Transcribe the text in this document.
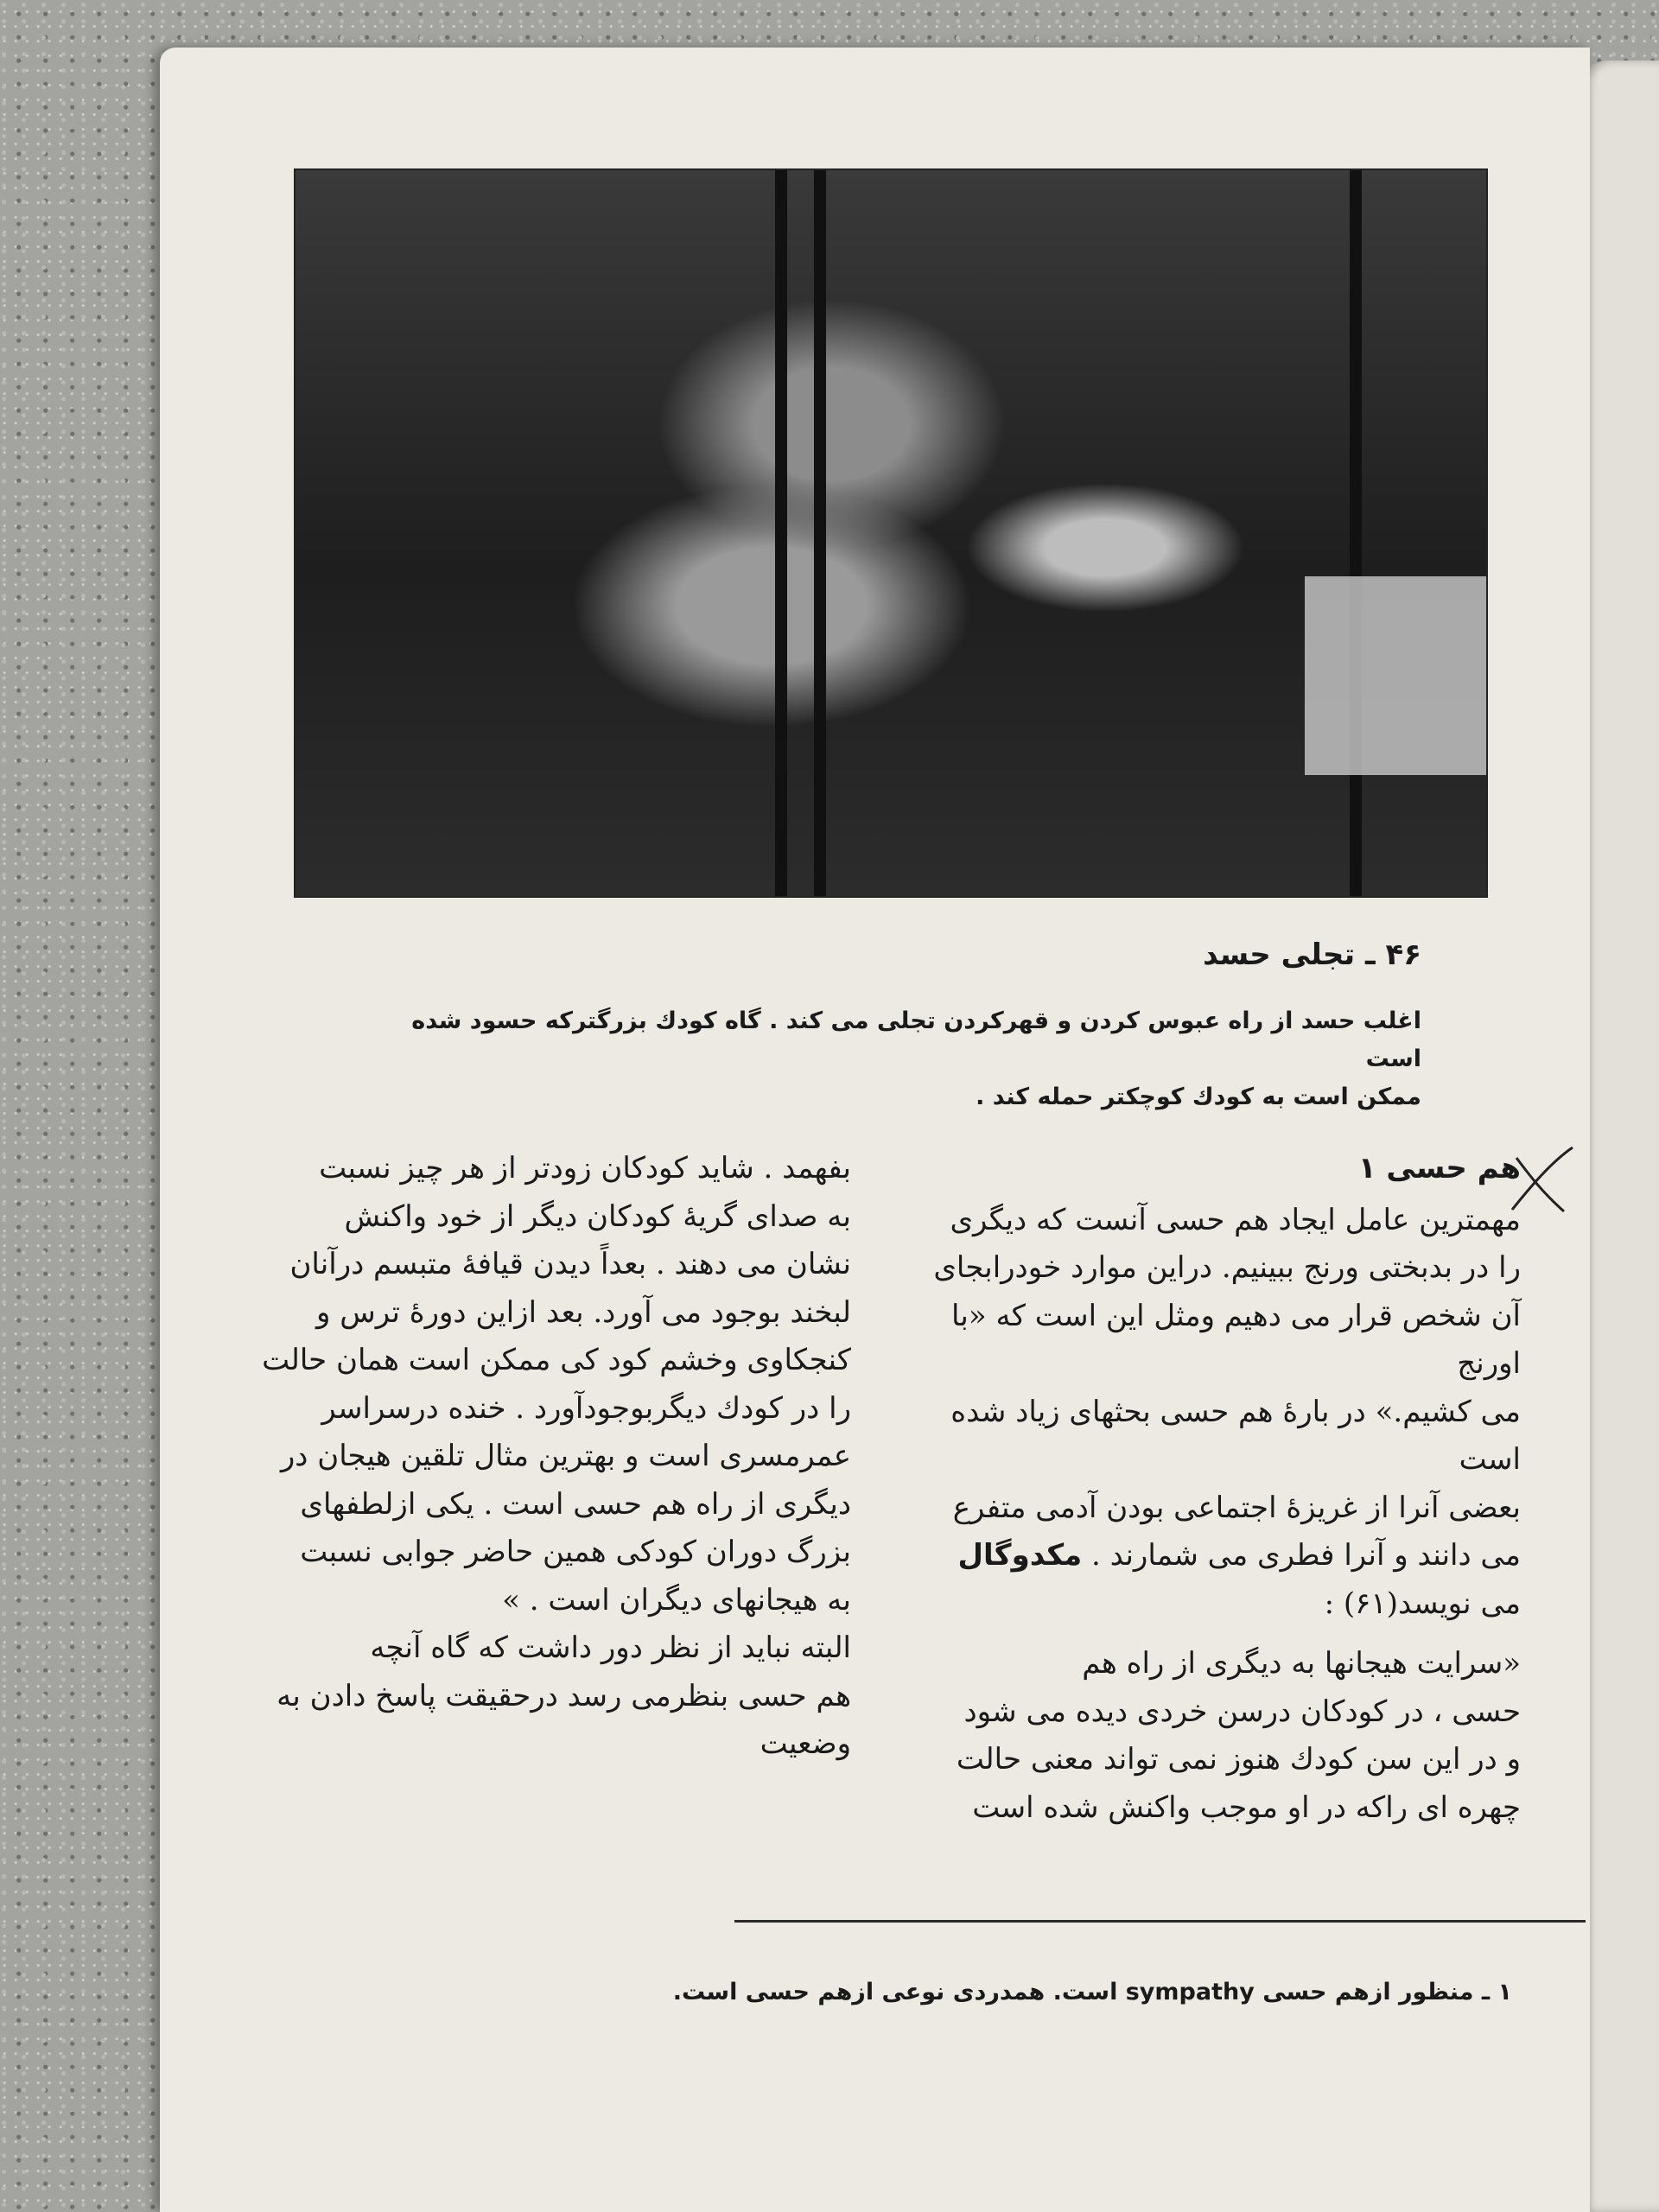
۴۶ ـ تجلی حسد
اغلب حسد از راه عبوس کردن و قهرکردن تجلی می کند . گاه کودك بزرگترکه حسود شده است
ممکن است به کودك کوچکتر حمله کند .

هم حسی ۱

مهمترین عامل ایجاد هم حسی آنست که دیگری

را در بدبختی ورنج ببینیم. دراین موارد خودرابجای

آن شخص قرار می دهیم ومثل این است که «با اورنج

می کشیم.» در بارهٔ هم حسی بحثهای زیاد شده است

بعضی آنرا از غریزهٔ اجتماعی بودن آدمی متفرع

می دانند و آنرا فطری می شمارند . مکدوگال

می نویسد(۶۱) :

«سرایت هیجانها به دیگری از راه هم‌

حسی ، در کودکان درسن خردی دیده می شود

و در این سن کودك هنوز نمی تواند معنی حالت

چهره ای راکه در او موجب واکنش شده است

بفهمد . شاید کودکان زودتر از هر چیز نسبت

به صدای گریهٔ کودکان دیگر از خود واکنش

نشان می دهند . بعداً دیدن قیافهٔ متبسم درآنان

لبخند بوجود می آورد. بعد ازاین دورهٔ ترس و

کنجکاوی وخشم کود کی ممکن است همان حالت

را در کودك دیگربوجودآورد . خنده درسراسر

عمرمسری است و بهترین مثال تلقین هیجان در

دیگری از راه هم حسی است . یکی ازلطفهای

بزرگ دوران کودکی همین حاضر جوابی نسبت

به هیجانهای دیگران است . »

البته نباید از نظر دور داشت که گاه آنچه

هم حسی بنظرمی رسد درحقیقت پاسخ دادن به وضعیت

۱ ـ منظور ازهم حسی sympathy است. همدردی نوعی ازهم حسی است.
